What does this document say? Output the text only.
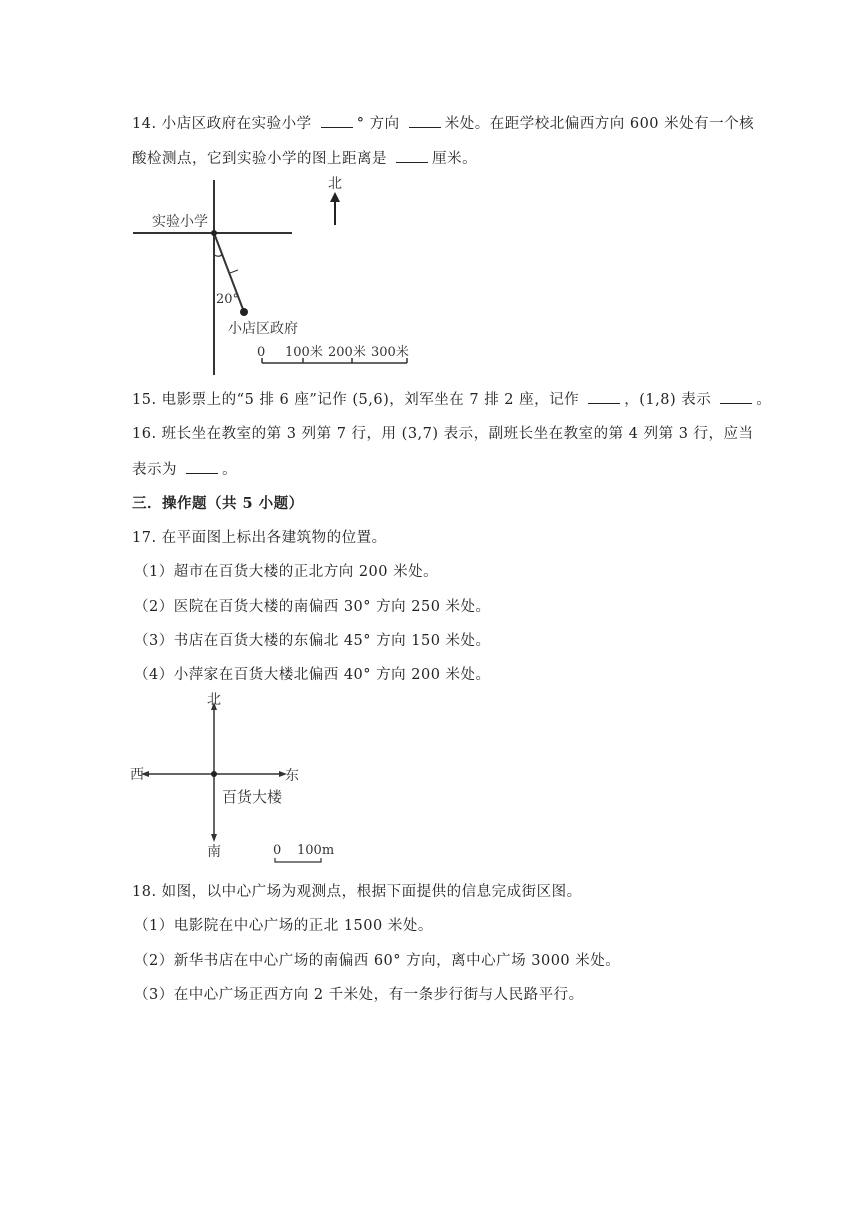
14. 小店区政府在实验小学	° 方向	米处。在距学校北偏西方向 600 米处有一个核
酸检测点，它到实验小学的图上距离是	厘米。
实验小学
20°
小店区政府
北
0 100米 200米 300米
15. 电影票上的“5 排 6 座”记作 (5,6)，刘军坐在 7 排 2 座，记作	，(1,8) 表示	。
16. 班长坐在教室的第 3 列第 7 行，用 (3,7) 表示，副班长坐在教室的第 4 列第 3 行，应当
表示为	。
三．操作题（共 5 小题）
17. 在平面图上标出各建筑物的位置。
（1）超市在百货大楼的正北方向 200 米处。
（2）医院在百货大楼的南偏西 30° 方向 250 米处。
（3）书店在百货大楼的东偏北 45° 方向 150 米处。
（4）小萍家在百货大楼北偏西 40° 方向 200 米处。
北
南
西	东
百货大楼
0 100m
18. 如图，以中心广场为观测点，根据下面提供的信息完成街区图。
（1）电影院在中心广场的正北 1500 米处。
（2）新华书店在中心广场的南偏西 60° 方向，离中心广场 3000 米处。
（3）在中心广场正西方向 2 千米处，有一条步行街与人民路平行。
